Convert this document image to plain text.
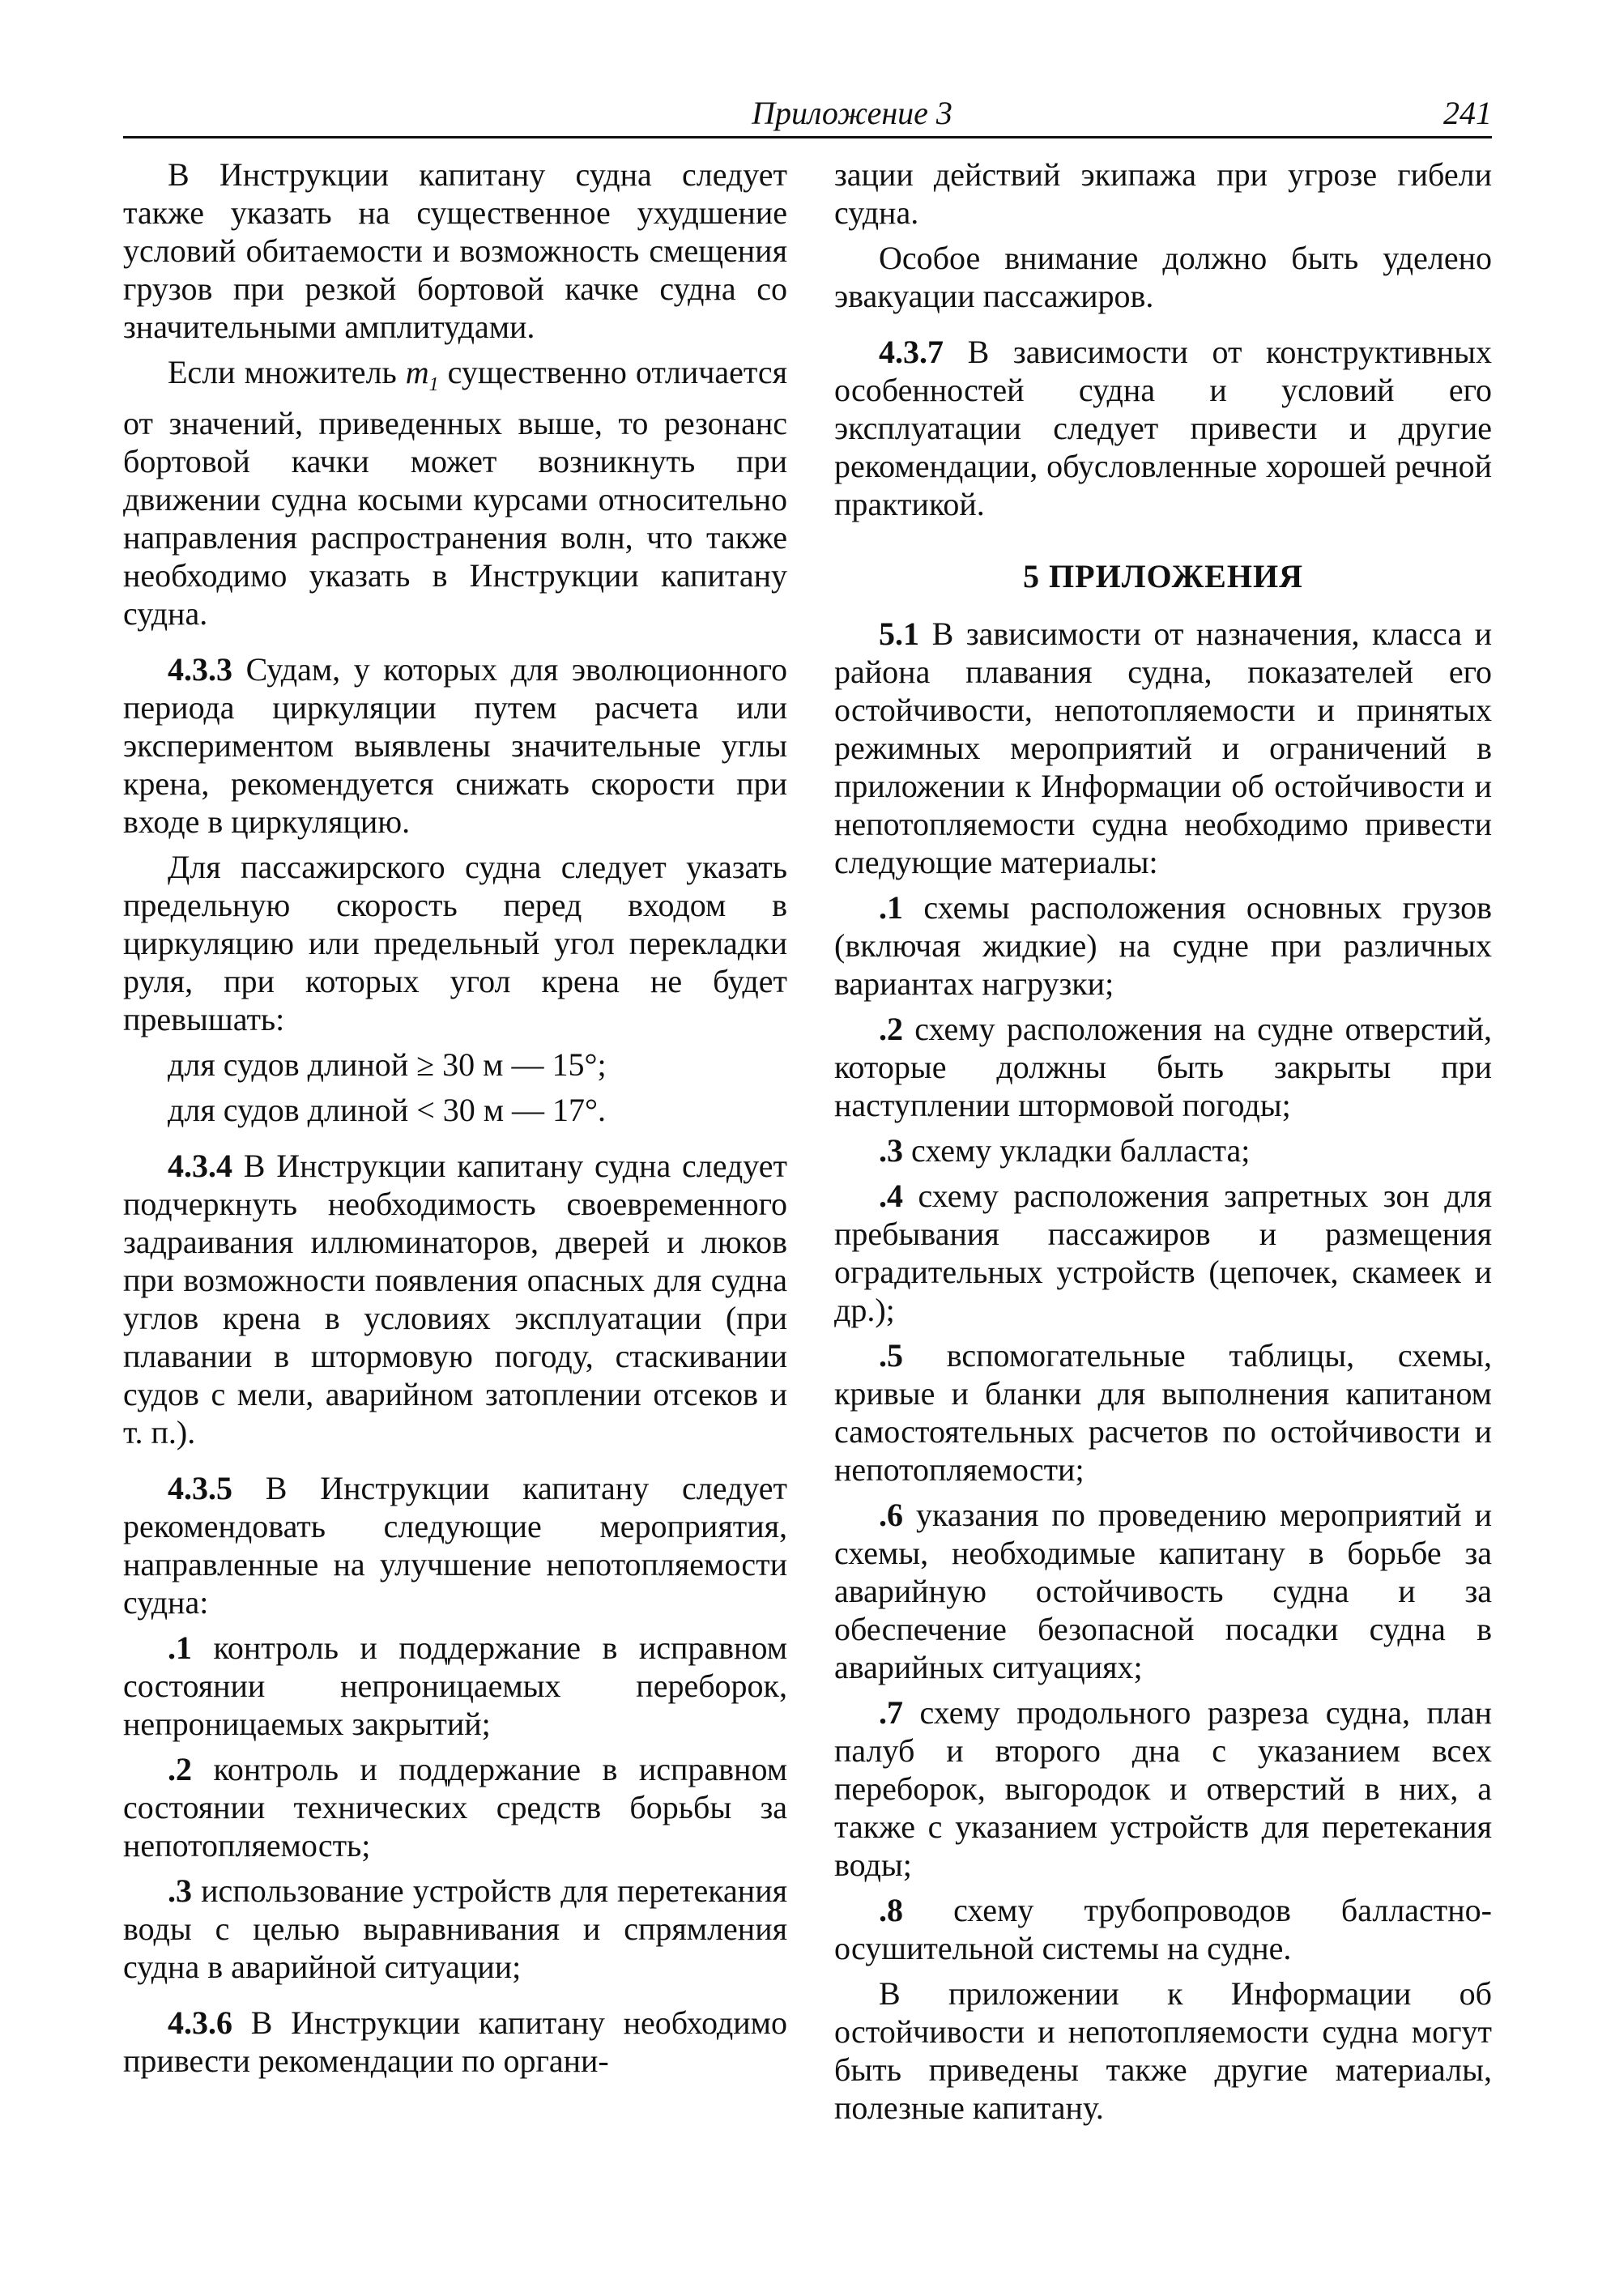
Приложение 3	241

В Инструкции капитану судна следует также указать на существенное ухудшение условий обитаемости и возможность смещения грузов при резкой бортовой качке судна со значительными амплитудами.

Если множитель $m_1$ существенно отличается от значений, приведенных выше, то резонанс бортовой качки может возникнуть при движении судна косыми курсами относительно направления распространения волн, что также необходимо указать в Инструкции капитану судна.

4.3.3 Судам, у которых для эволюционного периода циркуляции путем расчета или экспериментом выявлены значительные углы крена, рекомендуется снижать скорости при входе в циркуляцию.

Для пассажирского судна следует указать предельную скорость перед входом в циркуляцию или предельный угол перекладки руля, при которых угол крена не будет превышать:

для судов длиной ≥ 30 м — 15°;

для судов длиной < 30 м — 17°.

4.3.4 В Инструкции капитану судна следует подчеркнуть необходимость своевременного задраивания иллюминаторов, дверей и люков при возможности появления опасных для судна углов крена в условиях эксплуатации (при плавании в штормовую погоду, стаскивании судов с мели, аварийном затоплении отсеков и т. п.).

4.3.5 В Инструкции капитану следует рекомендовать следующие мероприятия, направленные на улучшение непотопляемости судна:

.1 контроль и поддержание в исправном состоянии непроницаемых переборок, непроницаемых закрытий;

.2 контроль и поддержание в исправном состоянии технических средств борьбы за непотопляемость;

.3 использование устройств для перетекания воды с целью выравнивания и спрямления судна в аварийной ситуации;

4.3.6 В Инструкции капитану необходимо привести рекомендации по органи-

зации действий экипажа при угрозе гибели судна.

Особое внимание должно быть уделено эвакуации пассажиров.

4.3.7 В зависимости от конструктивных особенностей судна и условий его эксплуатации следует привести и другие рекомендации, обусловленные хорошей речной практикой.

5 ПРИЛОЖЕНИЯ

5.1 В зависимости от назначения, класса и района плавания судна, показателей его остойчивости, непотопляемости и принятых режимных мероприятий и ограничений в приложении к Информации об остойчивости и непотопляемости судна необходимо привести следующие материалы:

.1 схемы расположения основных грузов (включая жидкие) на судне при различных вариантах нагрузки;

.2 схему расположения на судне отверстий, которые должны быть закрыты при наступлении штормовой погоды;

.3 схему укладки балласта;

.4 схему расположения запретных зон для пребывания пассажиров и размещения оградительных устройств (цепочек, скамеек и др.);

.5 вспомогательные таблицы, схемы, кривые и бланки для выполнения капитаном самостоятельных расчетов по остойчивости и непотопляемости;

.6 указания по проведению мероприятий и схемы, необходимые капитану в борьбе за аварийную остойчивость судна и за обеспечение безопасной посадки судна в аварийных ситуациях;

.7 схему продольного разреза судна, план палуб и второго дна с указанием всех переборок, выгородок и отверстий в них, а также с указанием устройств для перетекания воды;

.8 схему трубопроводов балластно-осушительной системы на судне.

В приложении к Информации об остойчивости и непотопляемости судна могут быть приведены также другие материалы, полезные капитану.
